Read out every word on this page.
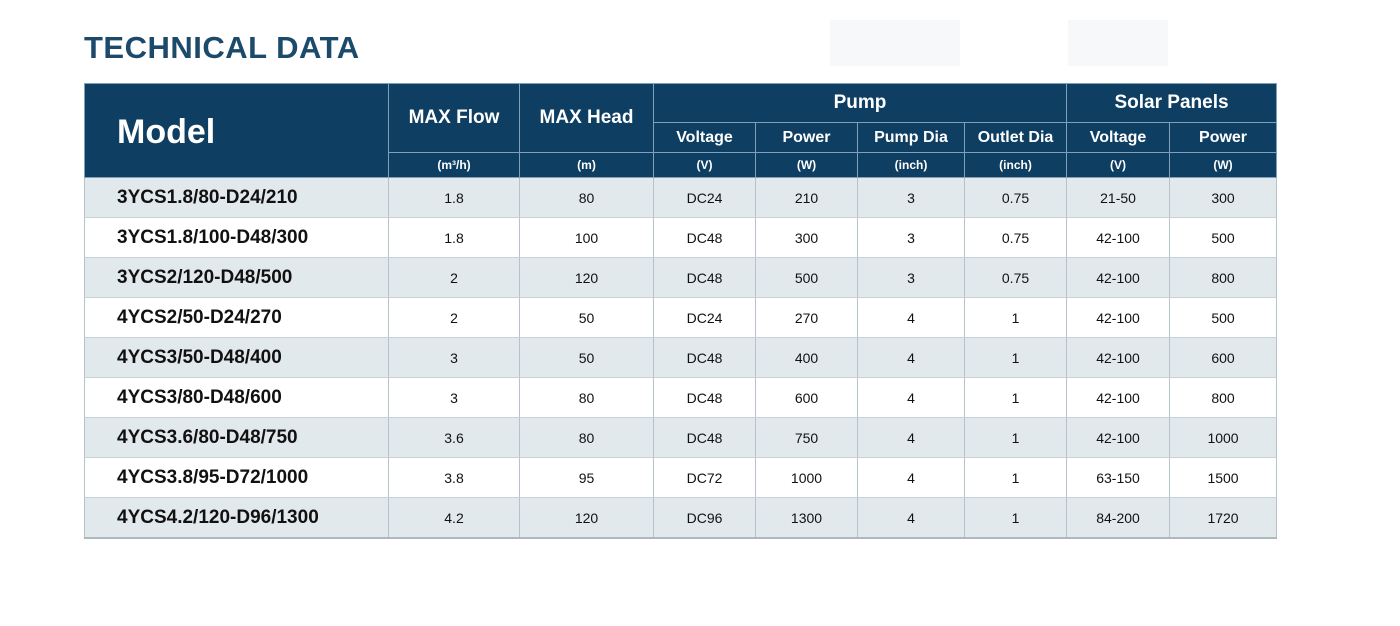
TECHNICAL DATA
Model	MAX Flow	MAX Head	Pump				Solar Panels	
			Voltage	Power	Pump Dia	Outlet Dia	Voltage	Power
	(m³/h)	(m)	(V)	(W)	(inch)	(inch)	(V)	(W)
3YCS1.8/80-D24/210	1.8	80	DC24	210	3	0.75	21-50	300
3YCS1.8/100-D48/300	1.8	100	DC48	300	3	0.75	42-100	500
3YCS2/120-D48/500	2	120	DC48	500	3	0.75	42-100	800
4YCS2/50-D24/270	2	50	DC24	270	4	1	42-100	500
4YCS3/50-D48/400	3	50	DC48	400	4	1	42-100	600
4YCS3/80-D48/600	3	80	DC48	600	4	1	42-100	800
4YCS3.6/80-D48/750	3.6	80	DC48	750	4	1	42-100	1000
4YCS3.8/95-D72/1000	3.8	95	DC72	1000	4	1	63-150	1500
4YCS4.2/120-D96/1300	4.2	120	DC96	1300	4	1	84-200	1720
